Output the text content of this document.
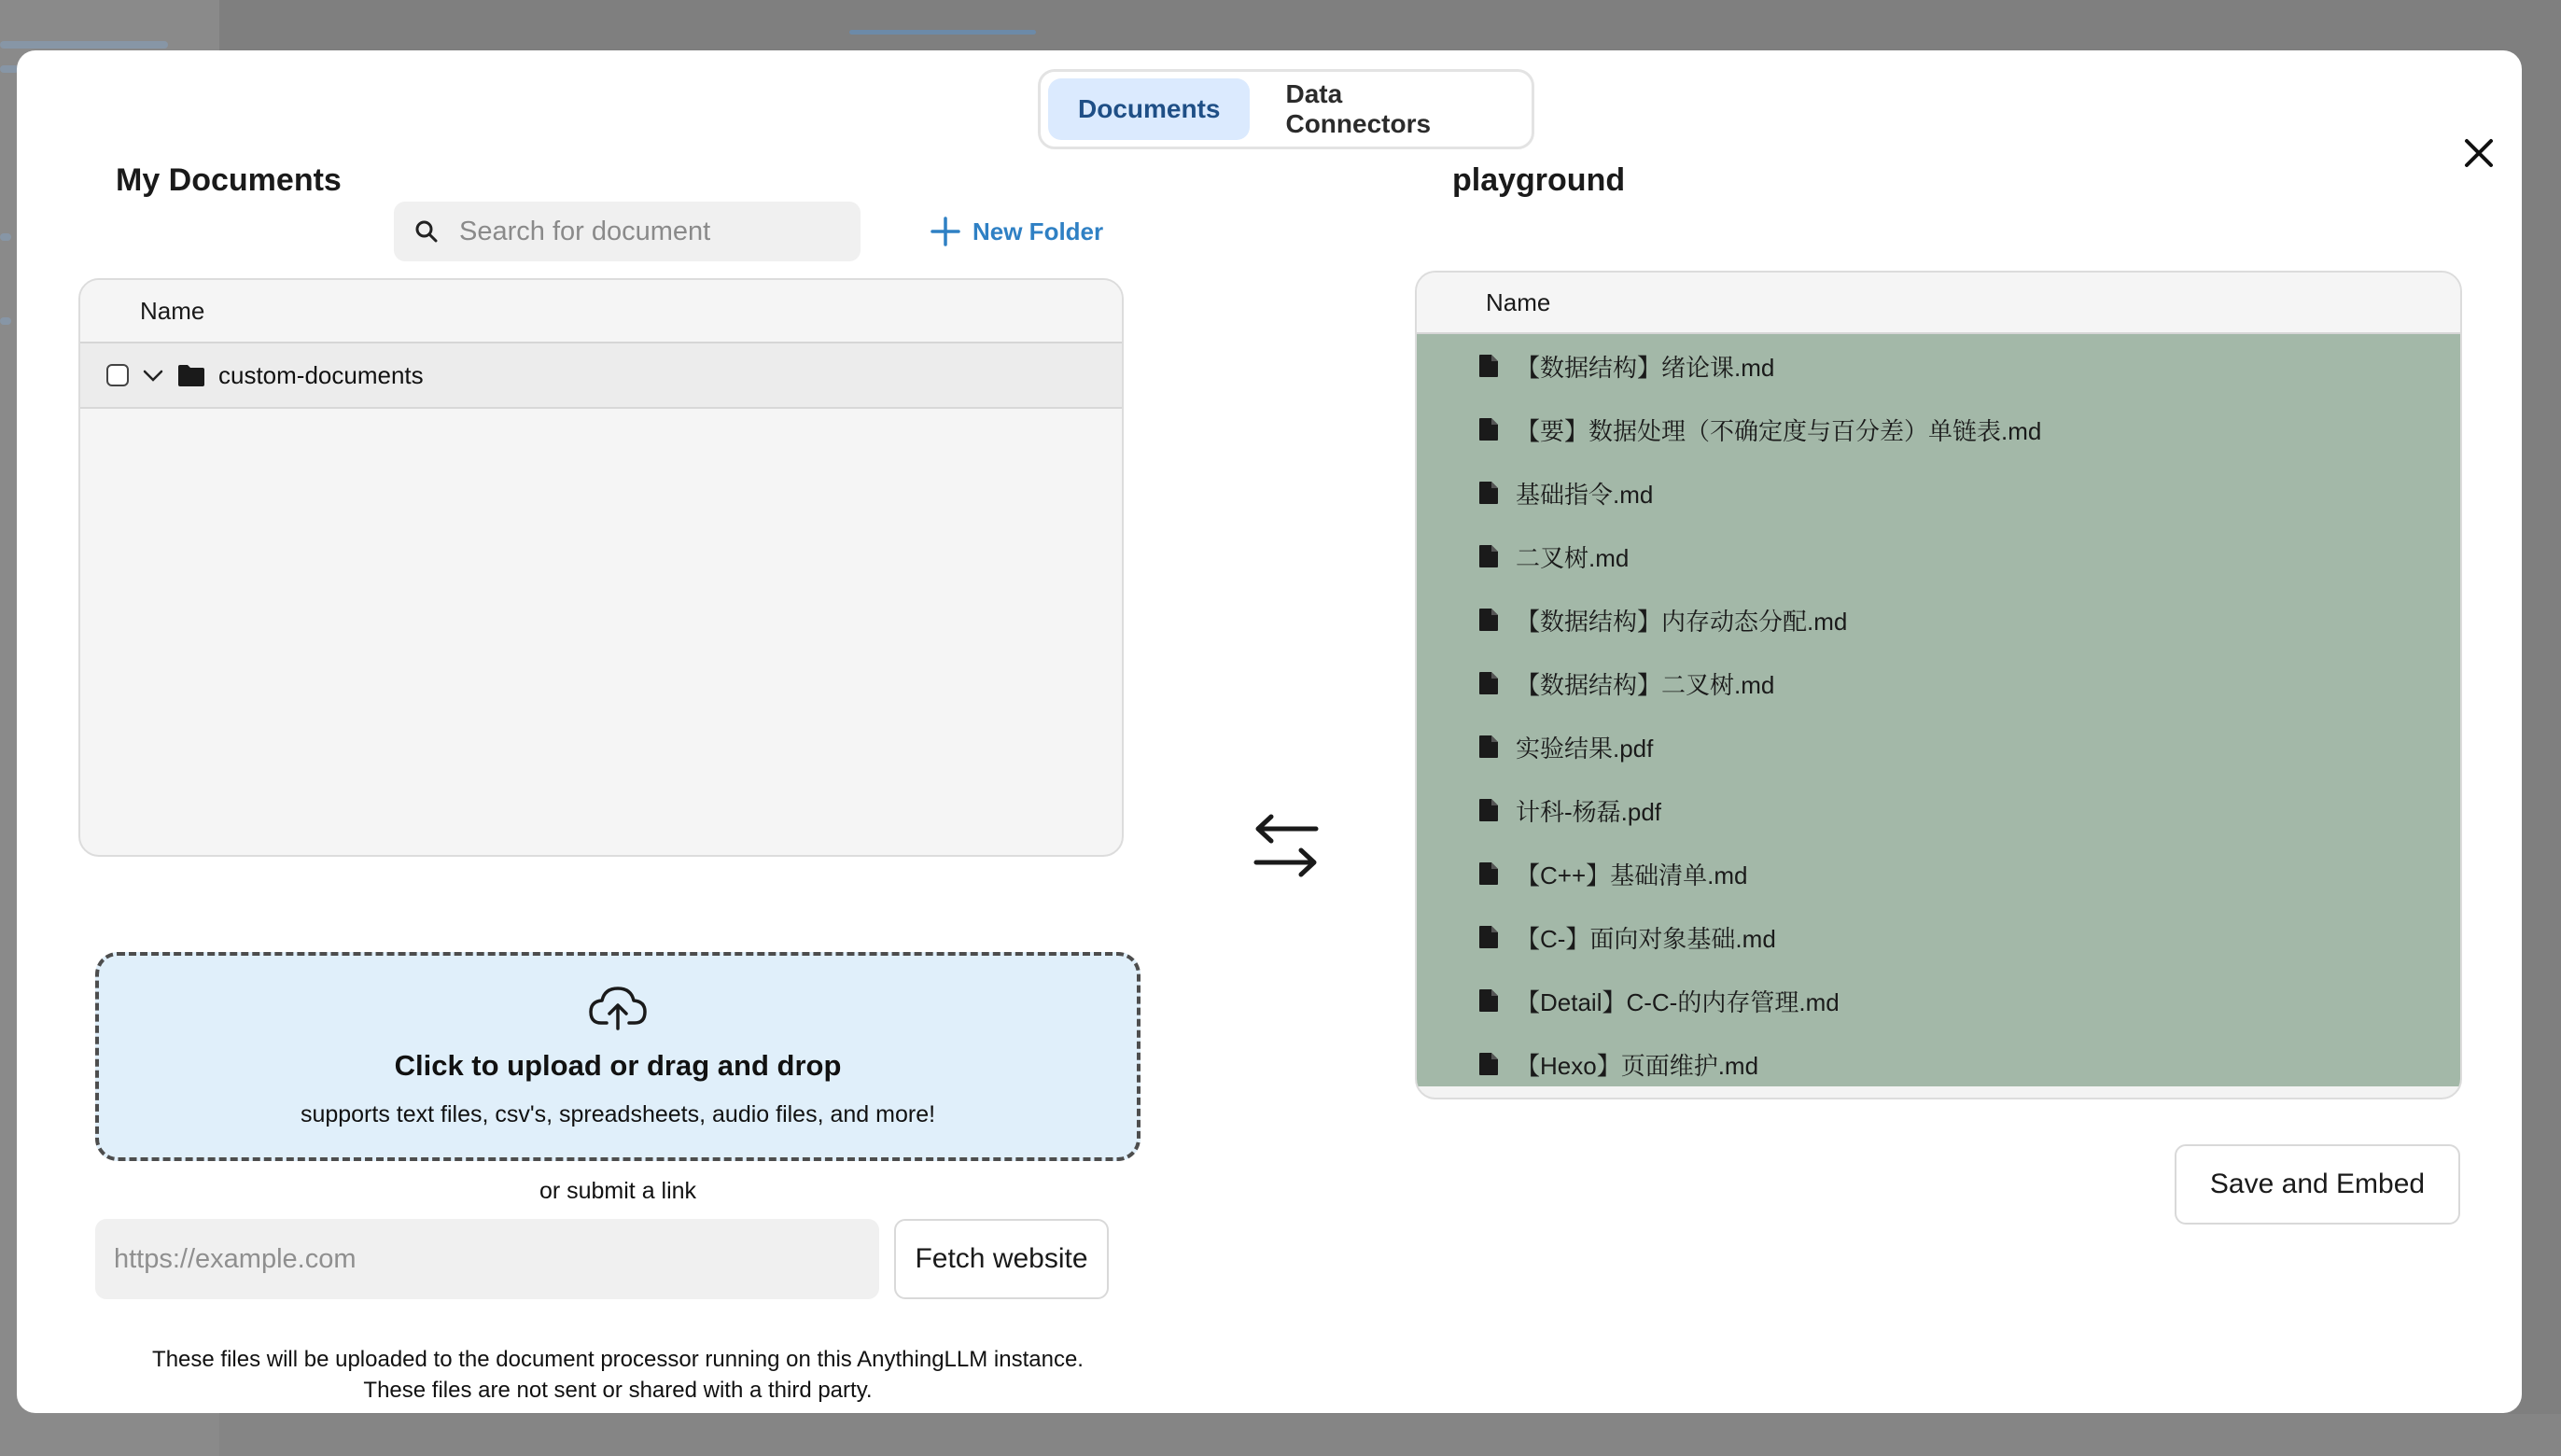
Documents
Data Connectors
My Documents
Search for document
New Folder
Name
custom-documents
Click to upload or drag and drop
supports text files, csv's, spreadsheets, audio files, and more!
or submit a link
https://example.com
Fetch website
These files will be uploaded to the document processor running on this AnythingLLM instance.
These files are not sent or shared with a third party.
playground
Name
【数据结构】绪论课.md
【要】数据处理（不确定度与百分差）单链表.md
基础指令.md
二叉树.md
【数据结构】内存动态分配.md
【数据结构】二叉树.md
实验结果.pdf
计科-杨磊.pdf
【C++】基础清单.md
【C-】面向对象基础.md
【Detail】C-C-的内存管理.md
【Hexo】页面维护.md
Save and Embed
